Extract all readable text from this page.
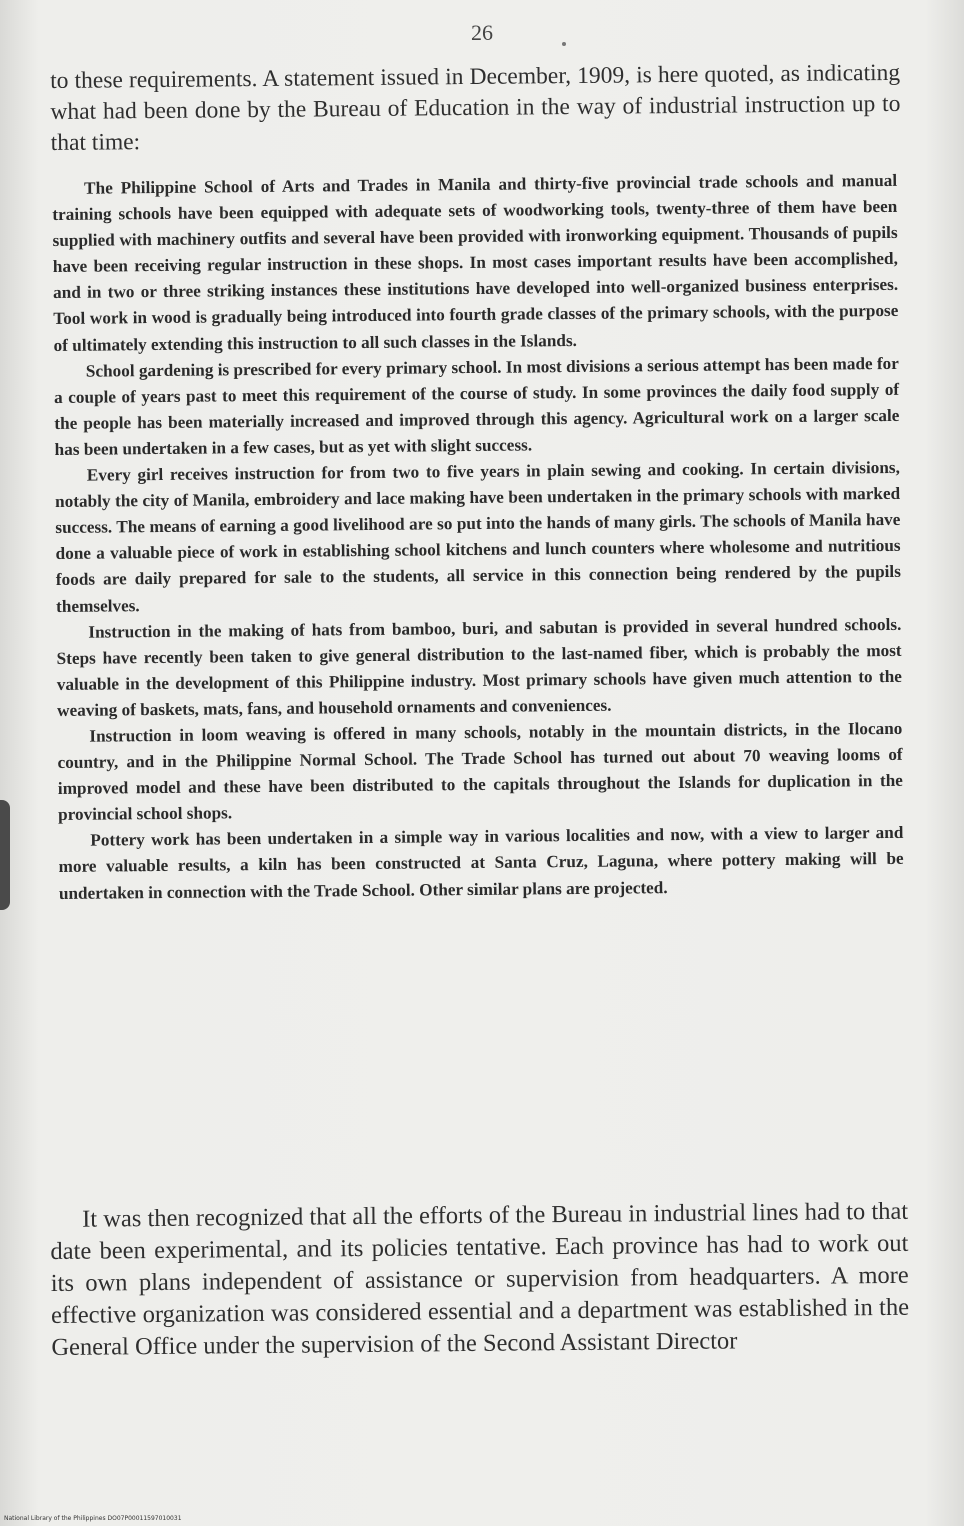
26

to these requirements. A statement issued in December, 1909, is here quoted, as indicating what had been done by the Bureau of Education in the way of industrial instruction up to that time:

The Philippine School of Arts and Trades in Manila and thirty-five provincial trade schools and manual training schools have been equipped with adequate sets of woodworking tools, twenty-three of them have been supplied with machinery outfits and several have been provided with ironworking equipment. Thousands of pupils have been receiving regular instruction in these shops. In most cases important results have been accomplished, and in two or three striking instances these institutions have developed into well-organized business enterprises. Tool work in wood is gradually being introduced into fourth grade classes of the primary schools, with the purpose of ultimately extending this instruction to all such classes in the Islands.

School gardening is prescribed for every primary school. In most divisions a serious attempt has been made for a couple of years past to meet this requirement of the course of study. In some provinces the daily food supply of the people has been materially increased and improved through this agency. Agricultural work on a larger scale has been undertaken in a few cases, but as yet with slight success.

Every girl receives instruction for from two to five years in plain sewing and cooking. In certain divisions, notably the city of Manila, embroidery and lace making have been undertaken in the primary schools with marked success. The means of earning a good livelihood are so put into the hands of many girls. The schools of Manila have done a valuable piece of work in establishing school kitchens and lunch counters where wholesome and nutritious foods are daily prepared for sale to the students, all service in this connection being rendered by the pupils themselves.

Instruction in the making of hats from bamboo, buri, and sabutan is provided in several hundred schools. Steps have recently been taken to give general distribution to the last-named fiber, which is probably the most valuable in the development of this Philippine industry. Most primary schools have given much attention to the weaving of baskets, mats, fans, and household ornaments and conveniences.

Instruction in loom weaving is offered in many schools, notably in the mountain districts, in the Ilocano country, and in the Philippine Normal School. The Trade School has turned out about 70 weaving looms of improved model and these have been distributed to the capitals throughout the Islands for duplication in the provincial school shops.

Pottery work has been undertaken in a simple way in various localities and now, with a view to larger and more valuable results, a kiln has been constructed at Santa Cruz, Laguna, where pottery making will be undertaken in connection with the Trade School. Other similar plans are projected.

It was then recognized that all the efforts of the Bureau in industrial lines had to that date been experimental, and its policies tentative. Each province has had to work out its own plans independent of assistance or supervision from headquarters. A more effective organization was considered essential and a department was established in the General Office under the supervision of the Second Assistant Director

National Library of the Philippines DO07P00011597010031
